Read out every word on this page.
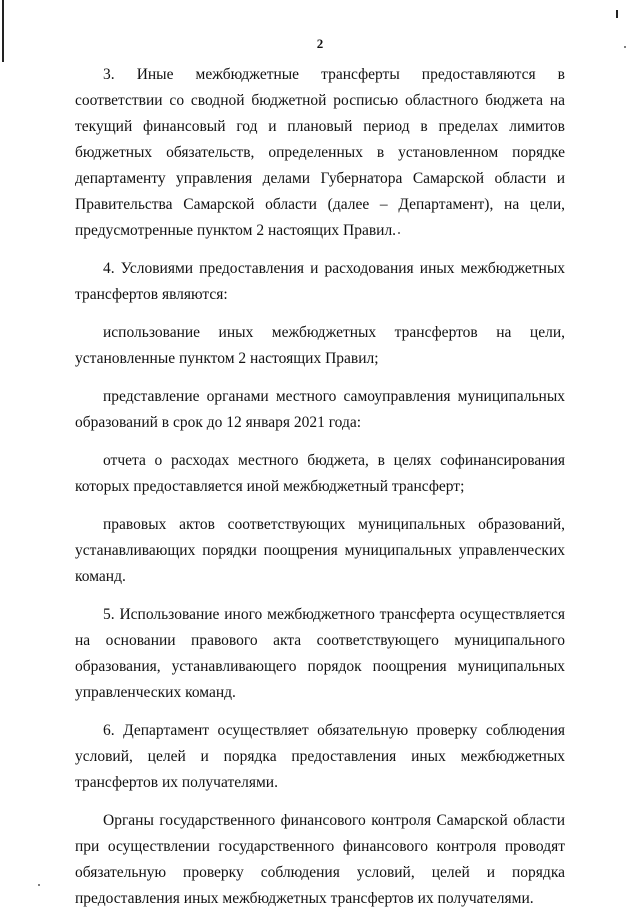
2

3. Иные межбюджетные трансферты предоставляются в соответствии со сводной бюджетной росписью областного бюджета на текущий финансовый год и плановый период в пределах лимитов бюджетных обязательств, определенных в установленном порядке департаменту управления делами Губернатора Самарской области и Правительства Самарской области (далее – Департамент), на цели, предусмотренные пунктом 2 настоящих Правил.

4. Условиями предоставления и расходования иных межбюджетных трансфертов являются:

использование иных межбюджетных трансфертов на цели, установленные пунктом 2 настоящих Правил;

представление органами местного самоуправления муниципальных образований в срок до 12 января 2021 года:

отчета о расходах местного бюджета, в целях софинансирования которых предоставляется иной межбюджетный трансферт;

правовых актов соответствующих муниципальных образований, устанавливающих порядки поощрения муниципальных управленческих команд.

5. Использование иного межбюджетного трансферта осуществляется на основании правового акта соответствующего муниципального образования, устанавливающего порядок поощрения муниципальных управленческих команд.

6. Департамент осуществляет обязательную проверку соблюдения условий, целей и порядка предоставления иных межбюджетных трансфертов их получателями.

Органы государственного финансового контроля Самарской области при осуществлении государственного финансового контроля проводят обязательную проверку соблюдения условий, целей и порядка предоставления иных межбюджетных трансфертов их получателями.
